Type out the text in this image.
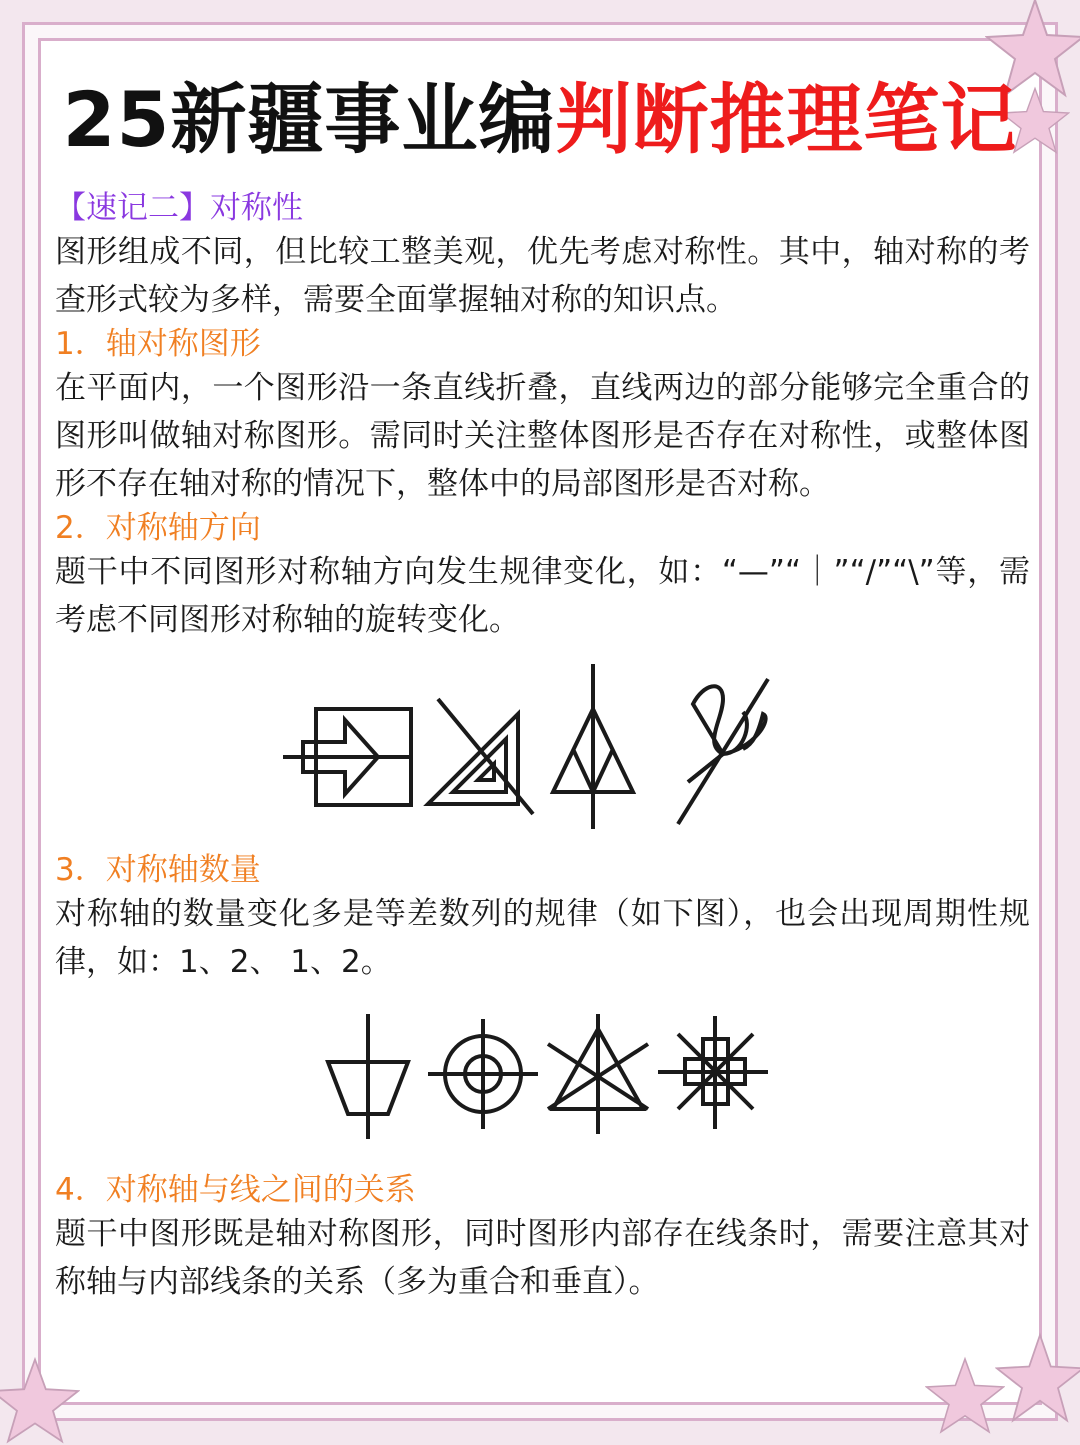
25新疆事业编判断推理笔记

【速记二】对称性

图形组成不同，但比较工整美观，优先考虑对称性。其中，轴对称的考查形式较为多样，需要全面掌握轴对称的知识点。

1．轴对称图形

在平面内，一个图形沿一条直线折叠，直线两边的部分能够完全重合的图形叫做轴对称图形。需同时关注整体图形是否存在对称性，或整体图形不存在轴对称的情况下，整体中的局部图形是否对称。

2．对称轴方向

题干中不同图形对称轴方向发生规律变化，如：“—”“｜”“/”“\”等，需考虑不同图形对称轴的旋转变化。

3．对称轴数量

对称轴的数量变化多是等差数列的规律（如下图），也会出现周期性规律，如：1、2、 1、2。

4．对称轴与线之间的关系

题干中图形既是轴对称图形，同时图形内部存在线条时，需要注意其对称轴与内部线条的关系（多为重合和垂直）。
